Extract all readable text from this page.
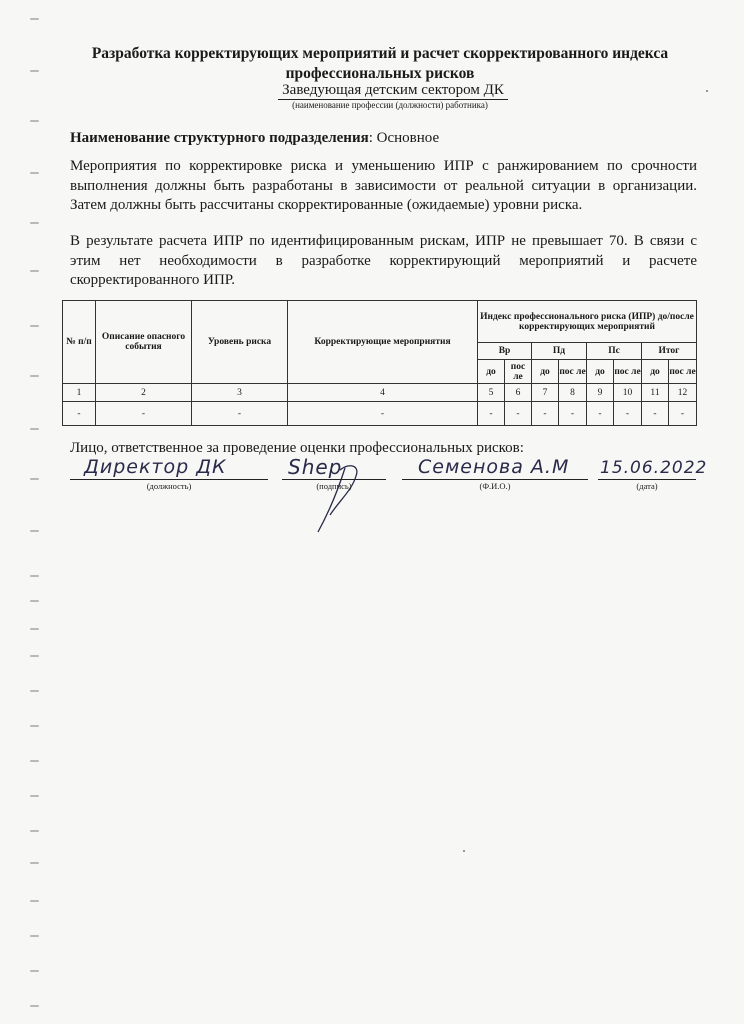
Разработка корректирующих мероприятий и расчет скорректированного индекса
профессиональных рисков
Заведующая детским сектором ДК
(наименование профессии (должности) работника)
Наименование структурного подразделения: Основное
Мероприятия по корректировке риска и уменьшению ИПР с ранжированием по срочности выполнения должны быть разработаны в зависимости от реальной ситуации в организации. Затем должны быть рассчитаны скорректированные (ожидаемые) уровни риска.
В результате расчета ИПР по идентифицированным рискам, ИПР не превышает 70. В связи с этим нет необходимости в разработке корректирующий мероприятий и расчете скорректированного ИПР.
№ п/п	Описание опасного события	Уровень риска	Корректирующие мероприятия	Индекс профессионального риска (ИПР) до/после корректирующих мероприятий							
				Вр		Пд		Пс		Итог	
				до	пос ле	до	пос ле	до	пос ле	до	пос ле
1	2	3	4	5	6	7	8	9	10	11	12
-	-	-	-	-	-	-	-	-	-	-	-
Лицо, ответственное за проведение оценки профессиональных рисков:
Директор ДК	Shep	Семенова А.М 15.06.2022
(должность)	(подпись)	(Ф.И.О.)	(дата)
